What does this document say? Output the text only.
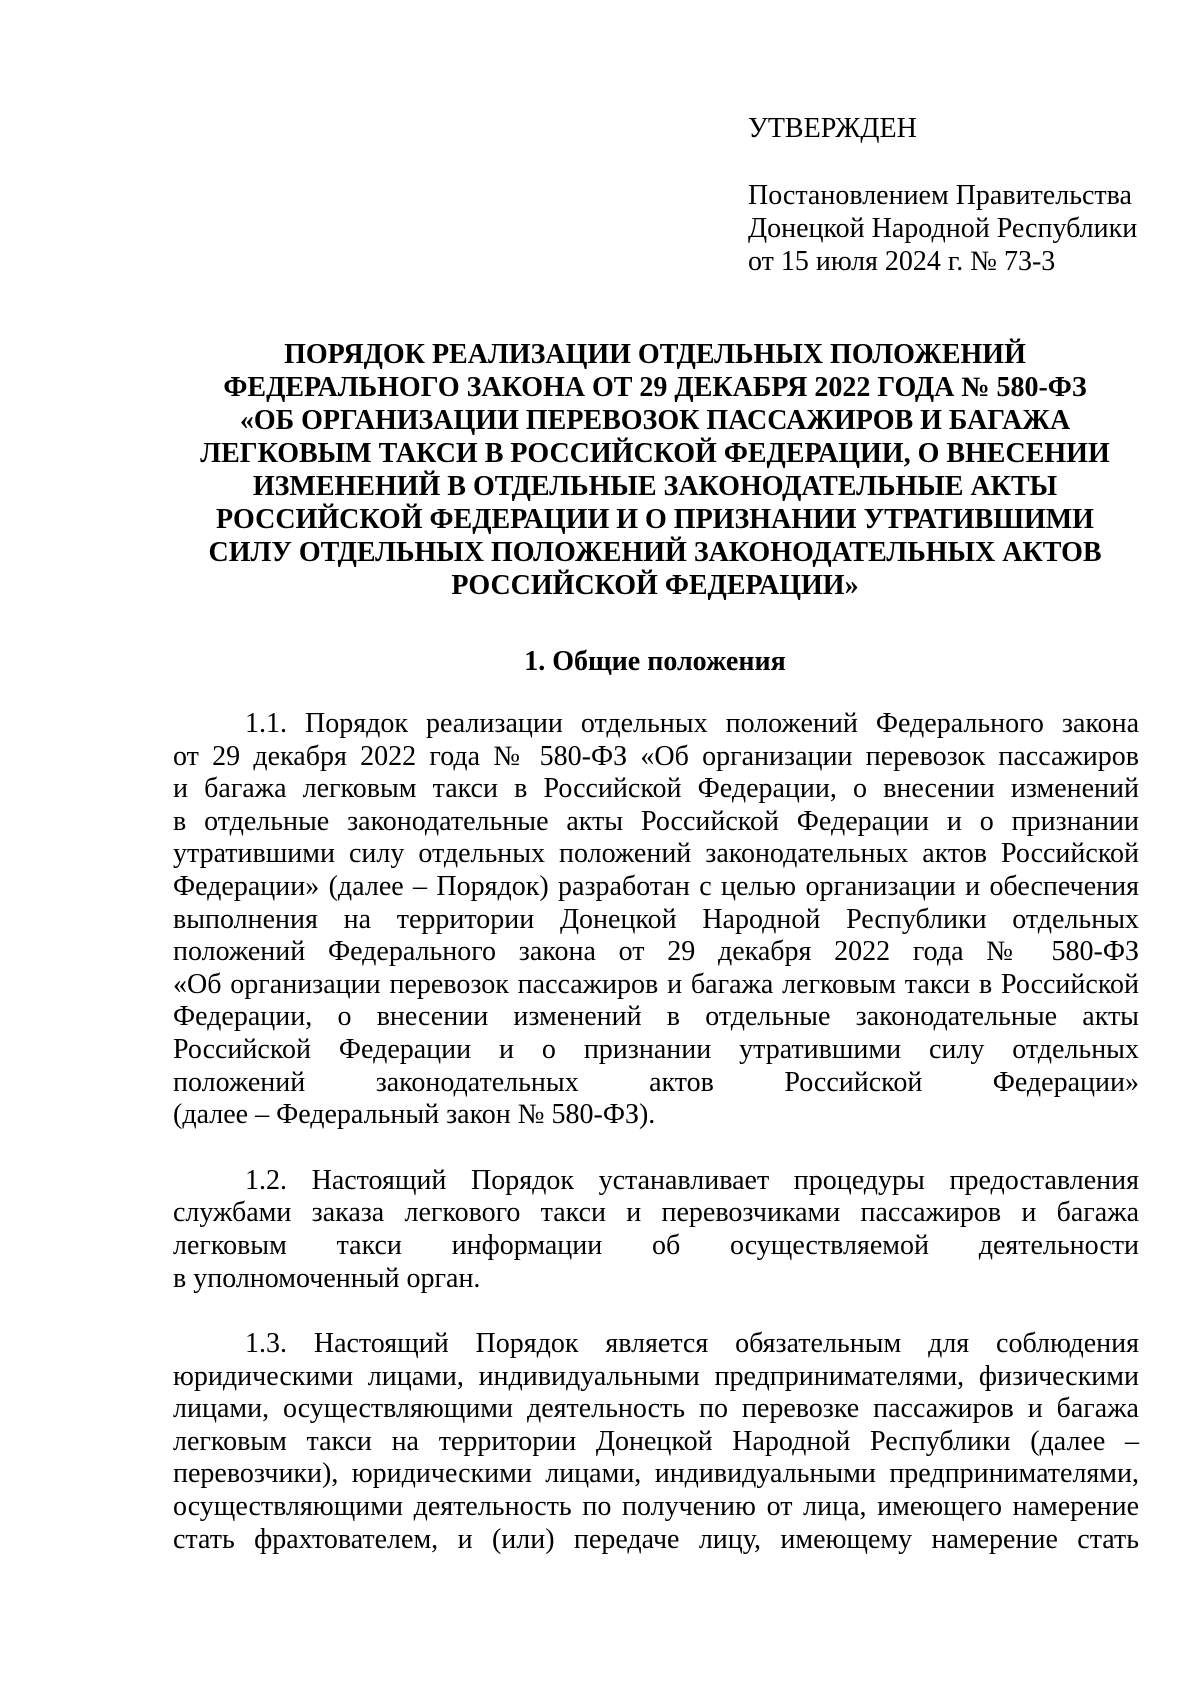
УТВЕРЖДЕН
Постановлением Правительства
Донецкой Народной Республики
от 15 июля 2024 г. № 73-3
ПОРЯДОК РЕАЛИЗАЦИИ ОТДЕЛЬНЫХ ПОЛОЖЕНИЙ
ФЕДЕРАЛЬНОГО ЗАКОНА ОТ 29 ДЕКАБРЯ 2022 ГОДА № 580-ФЗ
«ОБ ОРГАНИЗАЦИИ ПЕРЕВОЗОК ПАССАЖИРОВ И БАГАЖА
ЛЕГКОВЫМ ТАКСИ В РОССИЙСКОЙ ФЕДЕРАЦИИ, О ВНЕСЕНИИ
ИЗМЕНЕНИЙ В ОТДЕЛЬНЫЕ ЗАКОНОДАТЕЛЬНЫЕ АКТЫ
РОССИЙСКОЙ ФЕДЕРАЦИИ И О ПРИЗНАНИИ УТРАТИВШИМИ
СИЛУ ОТДЕЛЬНЫХ ПОЛОЖЕНИЙ ЗАКОНОДАТЕЛЬНЫХ АКТОВ
РОССИЙСКОЙ ФЕДЕРАЦИИ»
1. Общие положения
1.1. Порядок реализации отдельных положений Федерального закона
от 29 декабря 2022 года № 580-ФЗ «Об организации перевозок пассажиров
и багажа легковым такси в Российской Федерации, о внесении изменений
в отдельные законодательные акты Российской Федерации и о признании
утратившими силу отдельных положений законодательных актов Российской
Федерации» (далее – Порядок) разработан с целью организации и обеспечения
выполнения на территории Донецкой Народной Республики отдельных
положений Федерального закона от 29 декабря 2022 года № 580-ФЗ
«Об организации перевозок пассажиров и багажа легковым такси в Российской
Федерации, о внесении изменений в отдельные законодательные акты
Российской Федерации и о признании утратившими силу отдельных
положений законодательных актов Российской Федерации»
(далее – Федеральный закон № 580-ФЗ).
1.2. Настоящий Порядок устанавливает процедуры предоставления
службами заказа легкового такси и перевозчиками пассажиров и багажа
легковым такси информации об осуществляемой деятельности
в уполномоченный орган.
1.3. Настоящий Порядок является обязательным для соблюдения
юридическими лицами, индивидуальными предпринимателями, физическими
лицами, осуществляющими деятельность по перевозке пассажиров и багажа
легковым такси на территории Донецкой Народной Республики (далее –
перевозчики), юридическими лицами, индивидуальными предпринимателями,
осуществляющими деятельность по получению от лица, имеющего намерение
стать фрахтователем, и (или) передаче лицу, имеющему намерение стать
